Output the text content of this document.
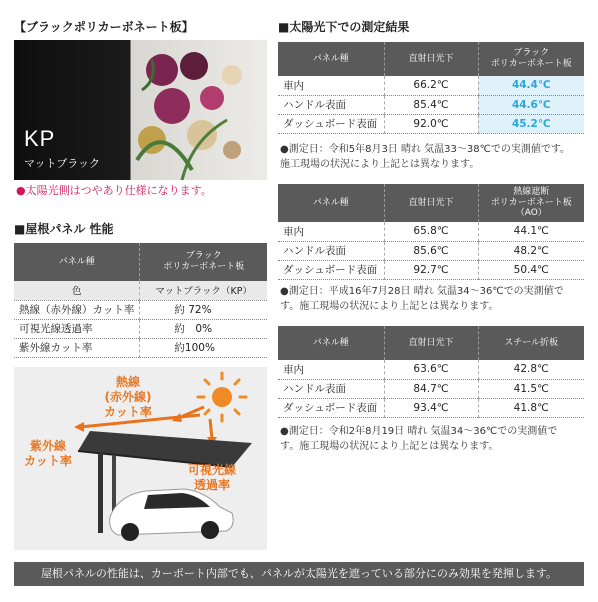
【ブラックポリカーボネート板】
KP
マットブラック
●太陽光側はつやあり仕様になります。
■屋根パネル 性能
パネル種	ブラック
ポリカーボネート板
色	マットブラック（KP）
熱線（赤外線）カット率	約 72%
可視光線透過率	約　0%
紫外線カット率	約100%
熱線
(赤外線)
カット率
紫外線
カット率
可視光線
透過率
■太陽光下での測定結果
パネル種	直射日光下	ブラック
ポリカーボネート板
車内	66.2℃	44.4℃
ハンドル表面	85.4℃	44.6℃
ダッシュボード表面	92.0℃	45.2℃
●測定日：令和5年8月3日 晴れ 気温33〜38℃での実測値です。施工現場の状況により上記とは異なります。
パネル種	直射日光下	熱線遮断
ポリカーボネート板
（AO）
車内	65.8℃	44.1℃
ハンドル表面	85.6℃	48.2℃
ダッシュボード表面	92.7℃	50.4℃
●測定日：平成16年7月28日 晴れ 気温34〜36℃での実測値です。施工現場の状況により上記とは異なります。
パネル種	直射日光下	スチール折板
車内	63.6℃	42.8℃
ハンドル表面	84.7℃	41.5℃
ダッシュボード表面	93.4℃	41.8℃
●測定日：令和2年8月19日 晴れ 気温34〜36℃での実測値です。施工現場の状況により上記とは異なります。
屋根パネルの性能は、カーポート内部でも、パネルが太陽光を遮っている部分にのみ効果を発揮します。
